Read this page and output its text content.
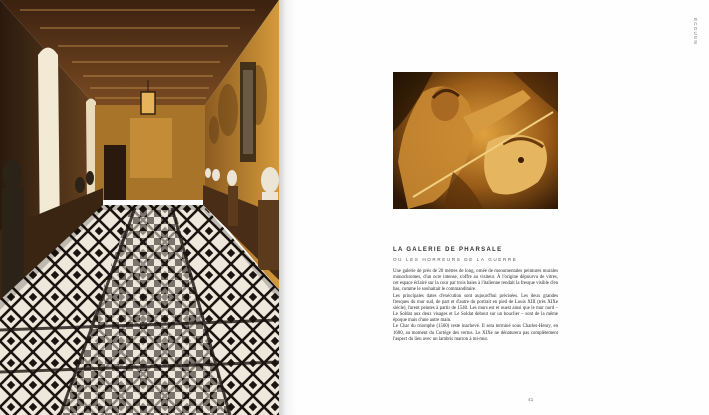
ÉCOUEN
LA GALERIE DE PHARSALE
OU LES HORREURS DE LA GUERRE

Une galerie de près de 20 mètres de long, ornée de monumentales peintures murales monochromes, d'un ocre intense, s'offre au visiteur. À l'origine dépourvu de vitres, cet espace éclairé sur la cour par trois baies à l'italienne rendait la fresque visible d'en bas, comme le souhaitait le commanditaire.

Les principales dates d'exécution sont aujourd'hui précisées. Les deux grandes fresques du mur sud, de part et d'autre du portrait en pied de Louis XIII (très XIXe siècle), furent peintes à partir de 1540. Les murs est et ouest ainsi que le mur nord – Le Soldat aux deux visages et Le Soldat debout sur un bouclier – sont de la même époque mais d'une autre main.

Le Char du triomphe (1560) reste inachevé. Il sera terminé sous Charles-Henry, en 1600, au moment du Cortège des vertus. Le XIXe ne dénaturera pas complètement l'aspect du lieu avec un lambris marron à mi-mur.

41
